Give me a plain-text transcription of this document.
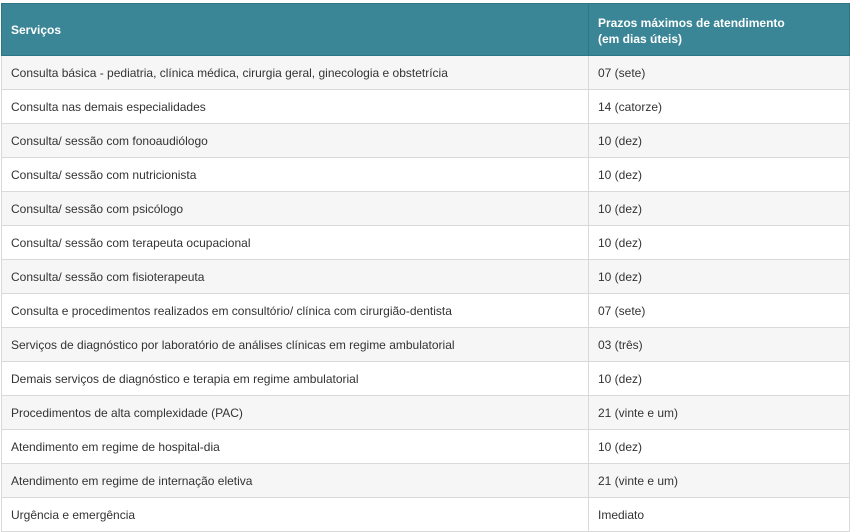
Serviços	Prazos máximos de atendimento
(em dias úteis)
Consulta básica - pediatria, clínica médica, cirurgia geral, ginecologia e obstetrícia	07 (sete)
Consulta nas demais especialidades	14 (catorze)
Consulta/ sessão com fonoaudiólogo	10 (dez)
Consulta/ sessão com nutricionista	10 (dez)
Consulta/ sessão com psicólogo	10 (dez)
Consulta/ sessão com terapeuta ocupacional	10 (dez)
Consulta/ sessão com fisioterapeuta	10 (dez)
Consulta e procedimentos realizados em consultório/ clínica com cirurgião-dentista	07 (sete)
Serviços de diagnóstico por laboratório de análises clínicas em regime ambulatorial	03 (três)
Demais serviços de diagnóstico e terapia em regime ambulatorial	10 (dez)
Procedimentos de alta complexidade (PAC)	21 (vinte e um)
Atendimento em regime de hospital-dia	10 (dez)
Atendimento em regime de internação eletiva	21 (vinte e um)
Urgência e emergência	Imediato
